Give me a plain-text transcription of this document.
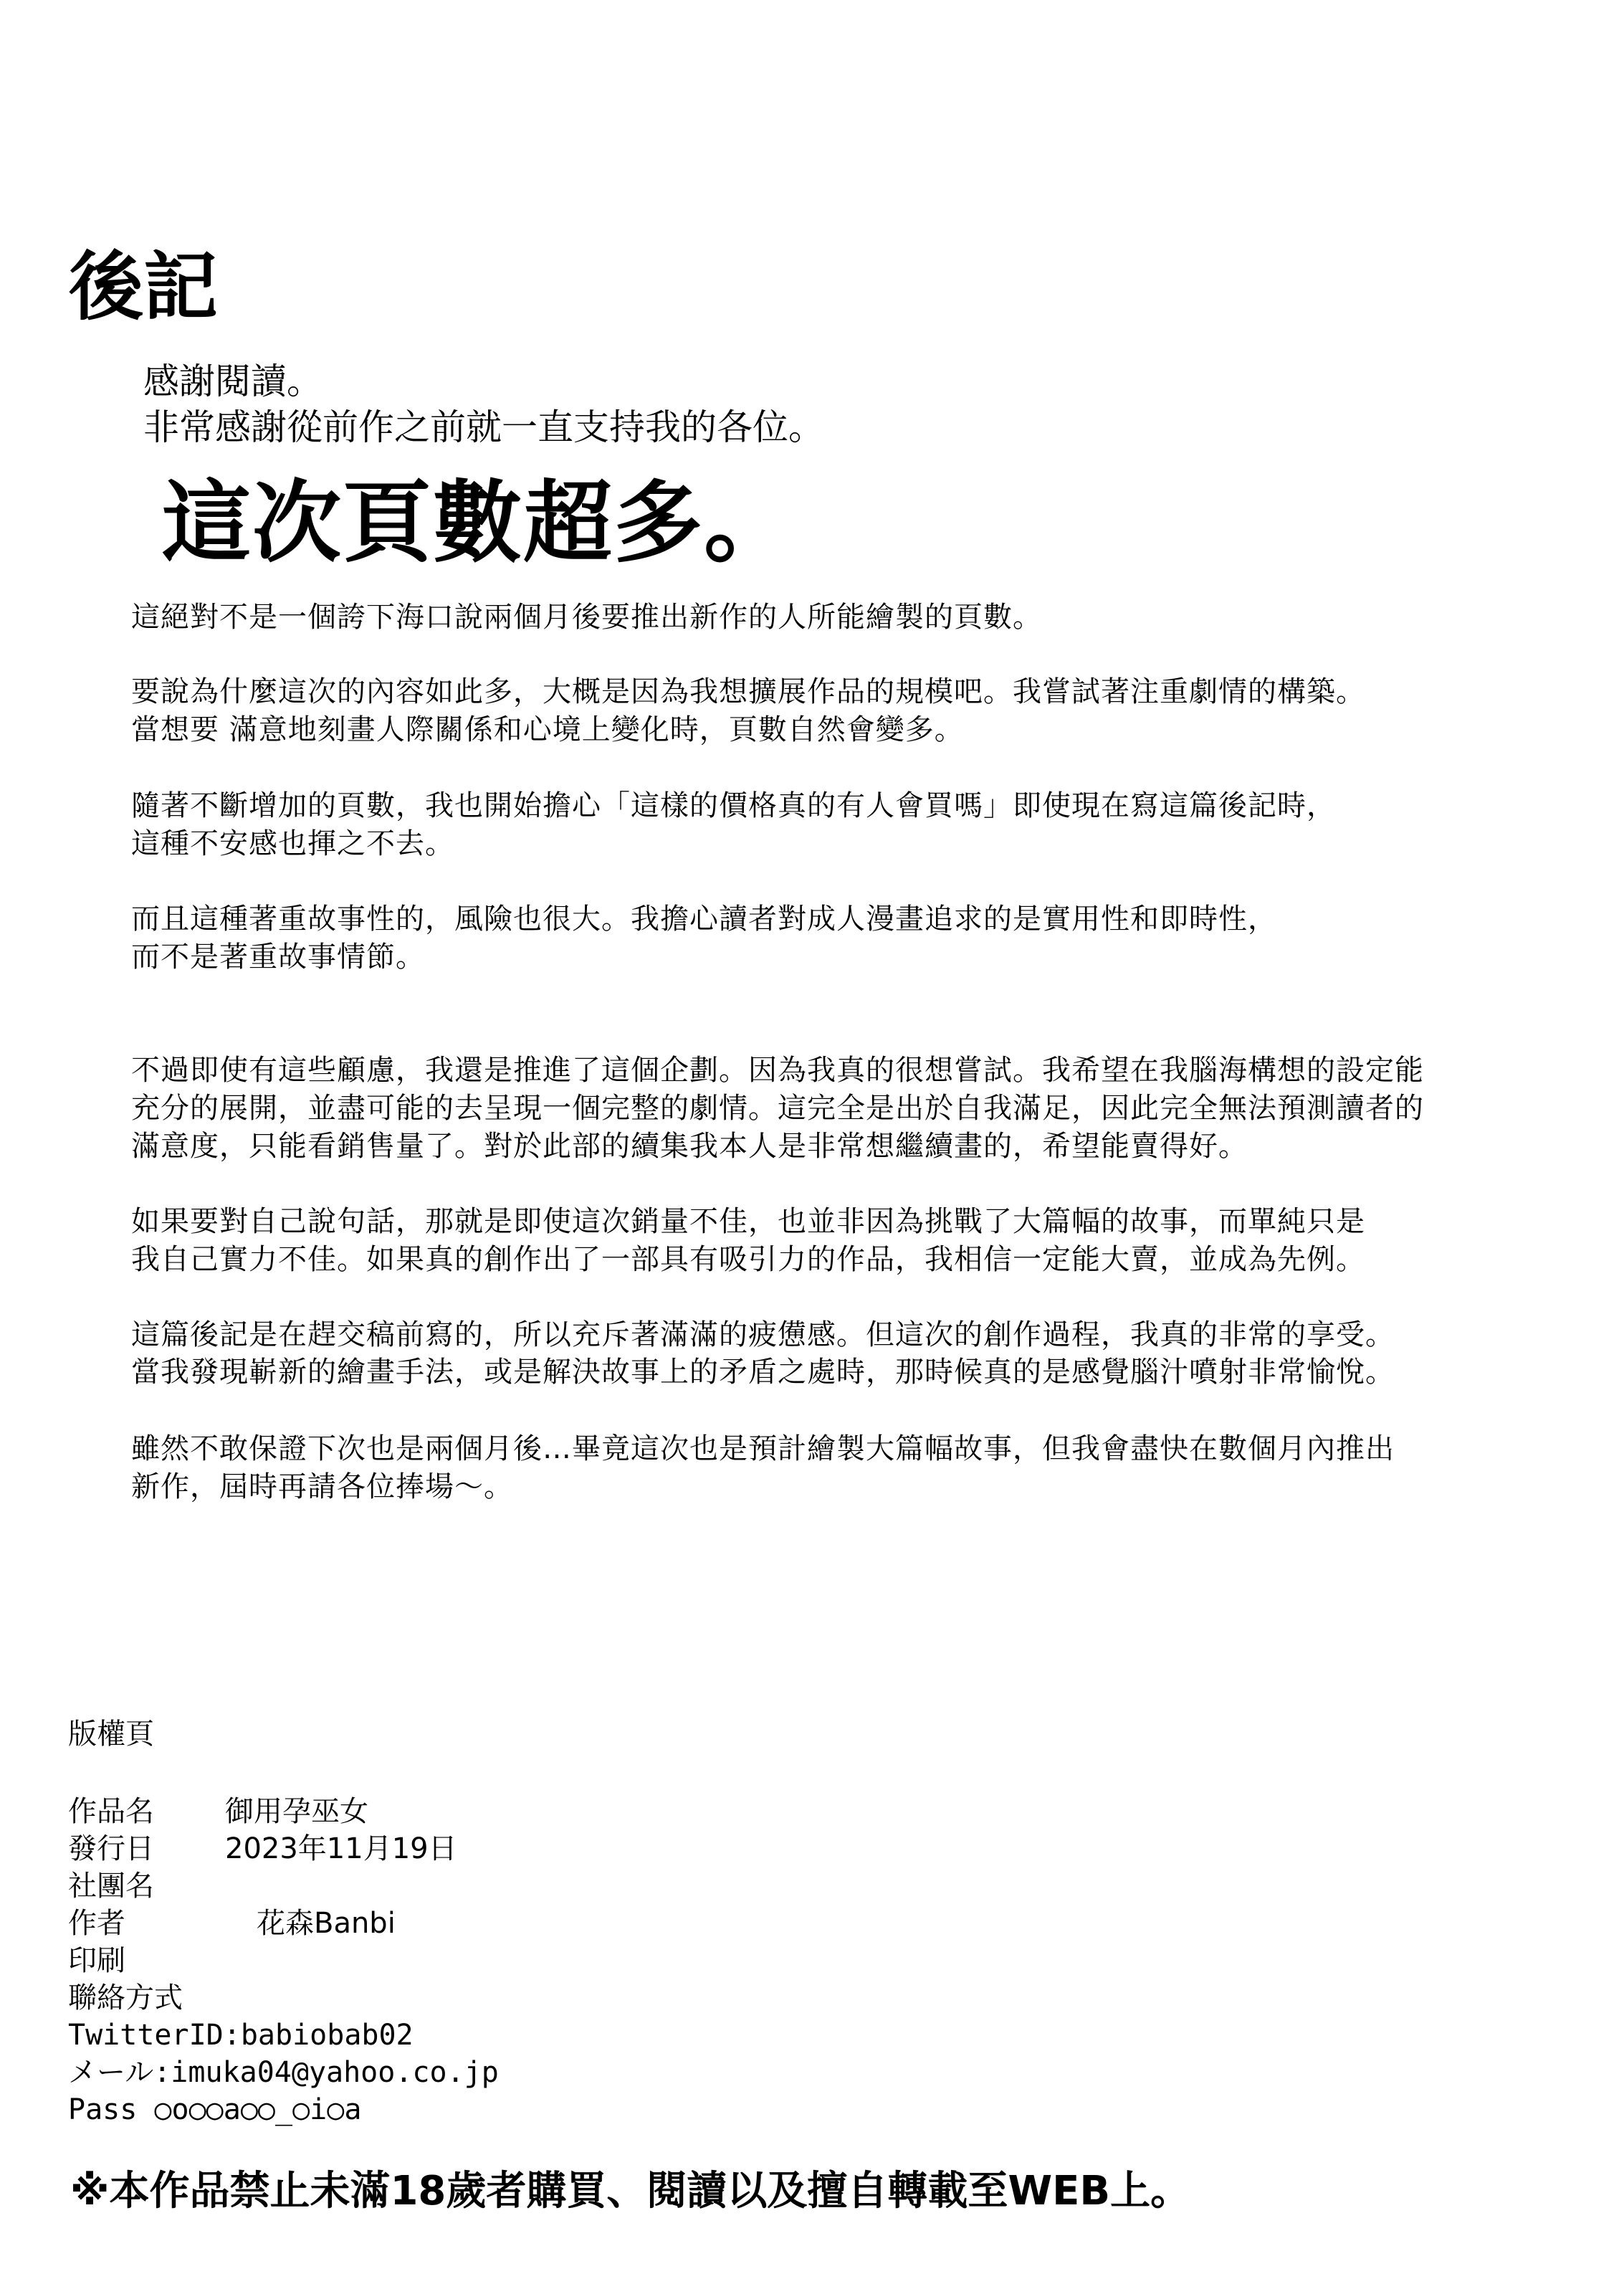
後記
感謝閱讀。
非常感謝從前作之前就一直支持我的各位。
這次頁數超多。
這絕對不是一個誇下海口說兩個月後要推出新作的人所能繪製的頁數。
要說為什麼這次的內容如此多，大概是因為我想擴展作品的規模吧。我嘗試著注重劇情的構築。
當想要 滿意地刻畫人際關係和心境上變化時，頁數自然會變多。
隨著不斷增加的頁數，我也開始擔心「這樣的價格真的有人會買嗎」即使現在寫這篇後記時，
這種不安感也揮之不去。
而且這種著重故事性的，風險也很大。我擔心讀者對成人漫畫追求的是實用性和即時性，
而不是著重故事情節。
不過即使有這些顧慮，我還是推進了這個企劃。因為我真的很想嘗試。我希望在我腦海構想的設定能
充分的展開，並盡可能的去呈現一個完整的劇情。這完全是出於自我滿足，因此完全無法預測讀者的
滿意度，只能看銷售量了。對於此部的續集我本人是非常想繼續畫的，希望能賣得好。
如果要對自己說句話，那就是即使這次銷量不佳，也並非因為挑戰了大篇幅的故事，而單純只是
我自己實力不佳。如果真的創作出了一部具有吸引力的作品，我相信一定能大賣，並成為先例。
這篇後記是在趕交稿前寫的，所以充斥著滿滿的疲憊感。但這次的創作過程，我真的非常的享受。
當我發現嶄新的繪畫手法，或是解決故事上的矛盾之處時，那時候真的是感覺腦汁噴射非常愉悅。
雖然不敢保證下次也是兩個月後…畢竟這次也是預計繪製大篇幅故事，但我會盡快在數個月內推出
新作，屆時再請各位捧場～。
版權頁
作品名 御用孕巫女
發行日 2023年11月19日
社團名
作者	花森Banbi
印刷
聯絡方式
TwitterID:babiobab02
メール:imuka04@yahoo.co.jp
Pass ○o○○a○○_○i○a
※本作品禁止未滿18歲者購買、閱讀以及擅自轉載至WEB上。
